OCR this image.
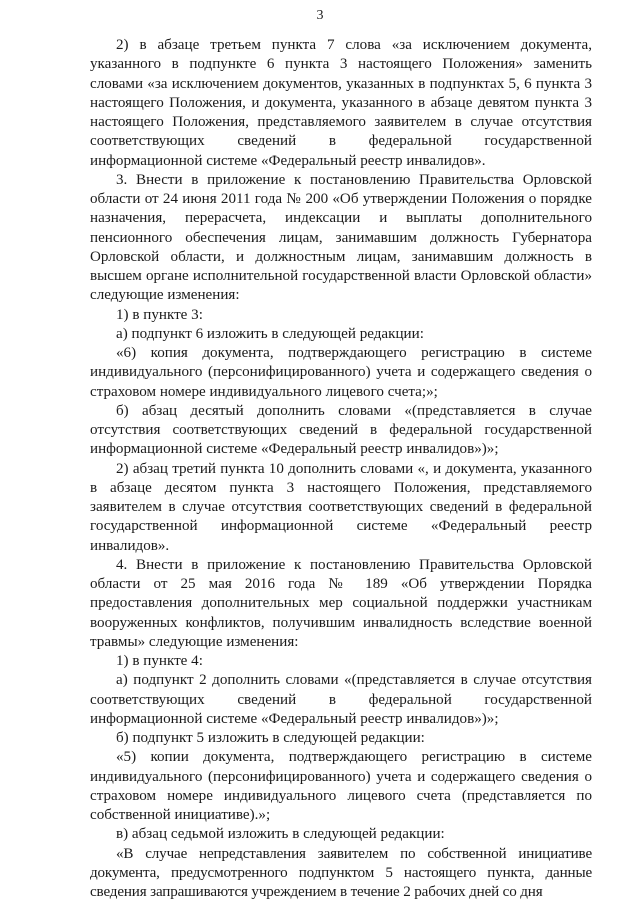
3

2) в абзаце третьем пункта 7 слова «за исключением документа, указанного в подпункте 6 пункта 3 настоящего Положения» заменить словами «за исключением документов, указанных в подпунктах 5, 6 пункта 3 настоящего Положения, и документа, указанного в абзаце девятом пункта 3 настоящего Положения, представляемого заявителем в случае отсутствия соответствующих сведений в федеральной государственной информационной системе «Федеральный реестр инвалидов».

3. Внести в приложение к постановлению Правительства Орловской области от 24 июня 2011 года № 200 «Об утверждении Положения о порядке назначения, перерасчета, индексации и выплаты дополнительного пенсионного обеспечения лицам, занимавшим должность Губернатора Орловской области, и должностным лицам, занимавшим должность в высшем органе исполнительной государственной власти Орловской области» следующие изменения:

1) в пункте 3:

а) подпункт 6 изложить в следующей редакции:

«6) копия документа, подтверждающего регистрацию в системе индивидуального (персонифицированного) учета и содержащего сведения о страховом номере индивидуального лицевого счета;»;

б) абзац десятый дополнить словами «(представляется в случае отсутствия соответствующих сведений в федеральной государственной информационной системе «Федеральный реестр инвалидов»)»;

2) абзац третий пункта 10 дополнить словами «, и документа, указанного в абзаце десятом пункта 3 настоящего Положения, представляемого заявителем в случае отсутствия соответствующих сведений в федеральной государственной информационной системе «Федеральный реестр инвалидов».

4. Внести в приложение к постановлению Правительства Орловской области от 25 мая 2016 года № 189 «Об утверждении Порядка предоставления дополнительных мер социальной поддержки участникам вооруженных конфликтов, получившим инвалидность вследствие военной травмы» следующие изменения:

1) в пункте 4:

а) подпункт 2 дополнить словами «(представляется в случае отсутствия соответствующих сведений в федеральной государственной информационной системе «Федеральный реестр инвалидов»)»;

б) подпункт 5 изложить в следующей редакции:

«5) копии документа, подтверждающего регистрацию в системе индивидуального (персонифицированного) учета и содержащего сведения о страховом номере индивидуального лицевого счета (представляется по собственной инициативе).»;

в) абзац седьмой изложить в следующей редакции:

«В случае непредставления заявителем по собственной инициативе документа, предусмотренного подпунктом 5 настоящего пункта, данные сведения запрашиваются учреждением в течение 2 рабочих дней со дня
